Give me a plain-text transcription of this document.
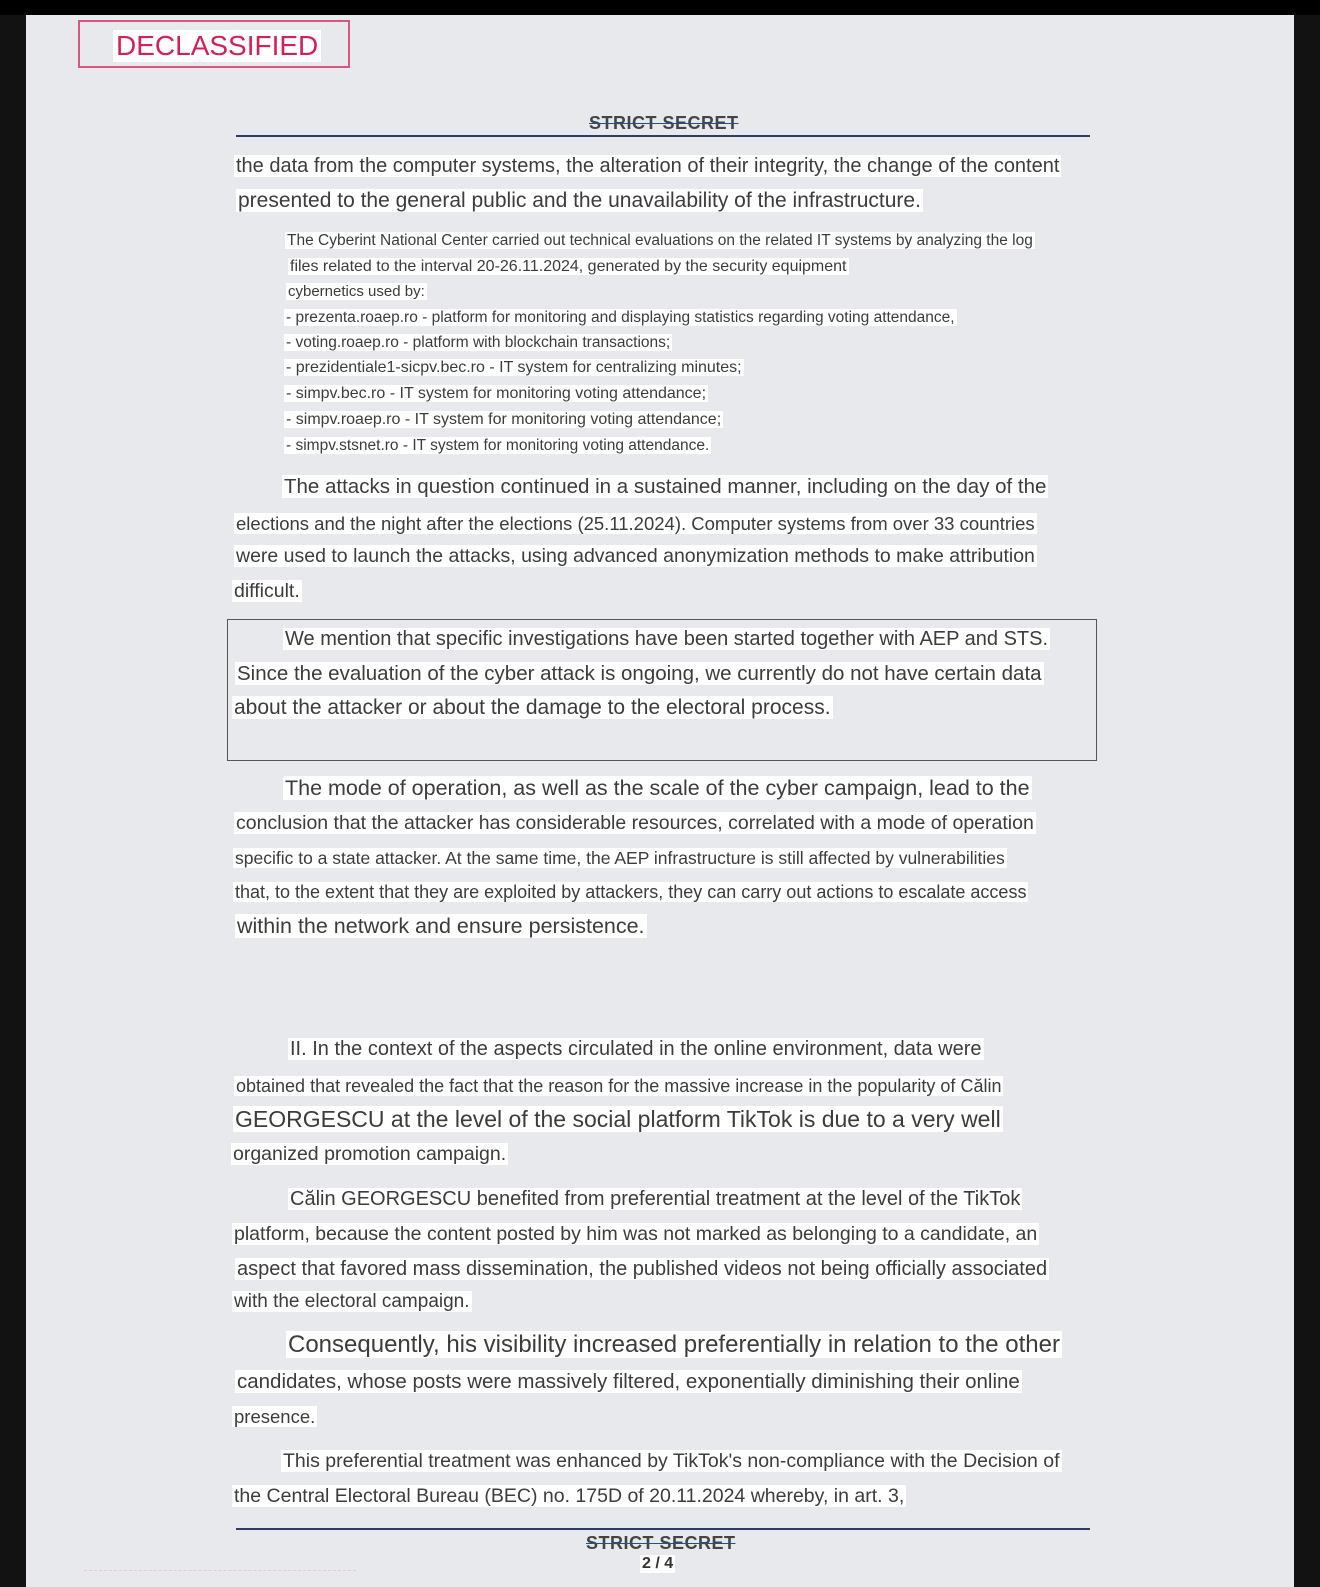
DECLASSIFIED
STRICT SECRET
the data from the computer systems, the alteration of their integrity, the change of the content
presented to the general public and the unavailability of the infrastructure.
The Cyberint National Center carried out technical evaluations on the related IT systems by analyzing the log
files related to the interval 20-26.11.2024, generated by the security equipment
cybernetics used by:
- prezenta.roaep.ro - platform for monitoring and displaying statistics regarding voting attendance,
- voting.roaep.ro - platform with blockchain transactions;
- prezidentiale1-sicpv.bec.ro - IT system for centralizing minutes;
- simpv.bec.ro - IT system for monitoring voting attendance;
- simpv.roaep.ro - IT system for monitoring voting attendance;
- simpv.stsnet.ro - IT system for monitoring voting attendance.
The attacks in question continued in a sustained manner, including on the day of the
elections and the night after the elections (25.11.2024). Computer systems from over 33 countries
were used to launch the attacks, using advanced anonymization methods to make attribution
difficult.
We mention that specific investigations have been started together with AEP and STS.
Since the evaluation of the cyber attack is ongoing, we currently do not have certain data
about the attacker or about the damage to the electoral process.
The mode of operation, as well as the scale of the cyber campaign, lead to the
conclusion that the attacker has considerable resources, correlated with a mode of operation
specific to a state attacker. At the same time, the AEP infrastructure is still affected by vulnerabilities
that, to the extent that they are exploited by attackers, they can carry out actions to escalate access
within the network and ensure persistence.
II. In the context of the aspects circulated in the online environment, data were
obtained that revealed the fact that the reason for the massive increase in the popularity of Călin
GEORGESCU at the level of the social platform TikTok is due to a very well
organized promotion campaign.
Călin GEORGESCU benefited from preferential treatment at the level of the TikTok
platform, because the content posted by him was not marked as belonging to a candidate, an
aspect that favored mass dissemination, the published videos not being officially associated
with the electoral campaign.
Consequently, his visibility increased preferentially in relation to the other
candidates, whose posts were massively filtered, exponentially diminishing their online
presence.
This preferential treatment was enhanced by TikTok's non-compliance with the Decision of
the Central Electoral Bureau (BEC) no. 175D of 20.11.2024 whereby, in art. 3,
STRICT SECRET
2 / 4
